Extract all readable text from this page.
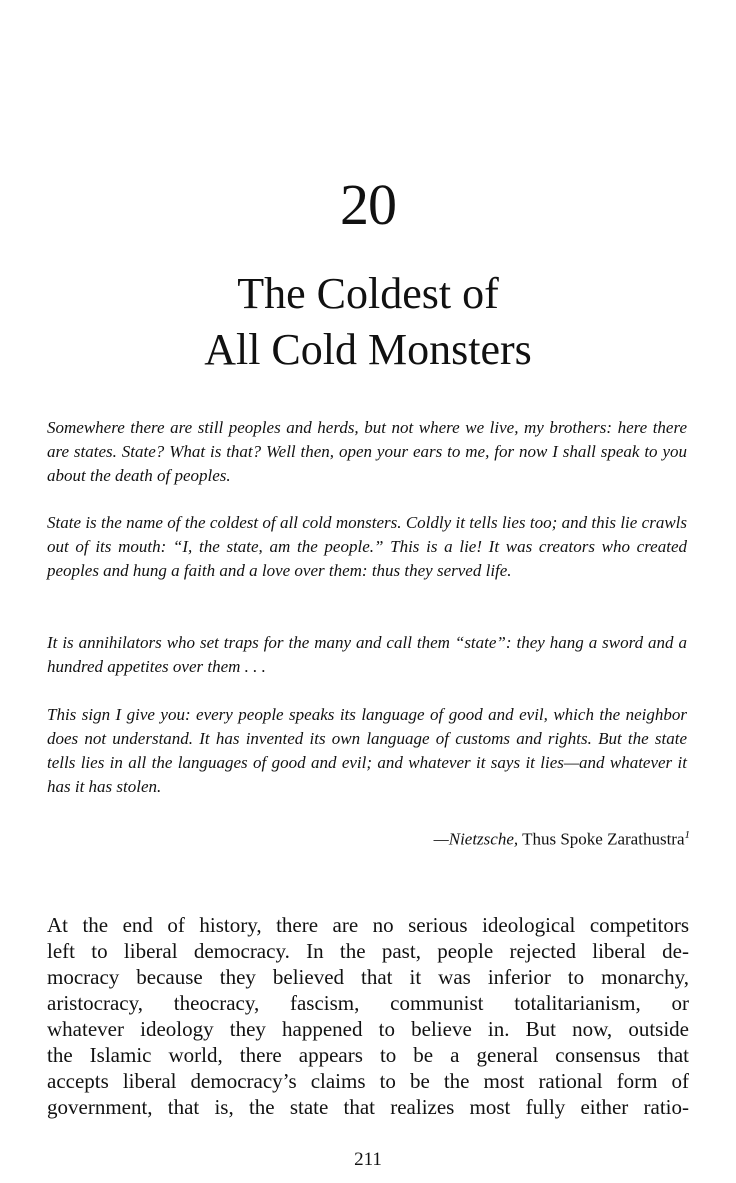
20
The Coldest of
All Cold Monsters

Somewhere there are still peoples and herds, but not where we live, my brothers: here there are states. State? What is that? Well then, open your ears to me, for now I shall speak to you about the death of peoples.

State is the name of the coldest of all cold monsters. Coldly it tells lies too; and this lie crawls out of its mouth: “I, the state, am the people.” This is a lie! It was creators who created peoples and hung a faith and a love over them: thus they served life.

It is annihilators who set traps for the many and call them “state”: they hang a sword and a hundred appetites over them . . .

This sign I give you: every people speaks its language of good and evil, which the neighbor does not understand. It has invented its own language of customs and rights. But the state tells lies in all the languages of good and evil; and whatever it says it lies—and whatever it has it has stolen.

—Nietzsche, Thus Spoke Zarathustra$^1$
At the end of history, there are no serious ideological competitors
left to liberal democracy. In the past, people rejected liberal de-
mocracy because they believed that it was inferior to monarchy,
aristocracy, theocracy, fascism, communist totalitarianism, or
whatever ideology they happened to believe in. But now, outside
the Islamic world, there appears to be a general consensus that
accepts liberal democracy’s claims to be the most rational form of
government, that is, the state that realizes most fully either ratio-
211
